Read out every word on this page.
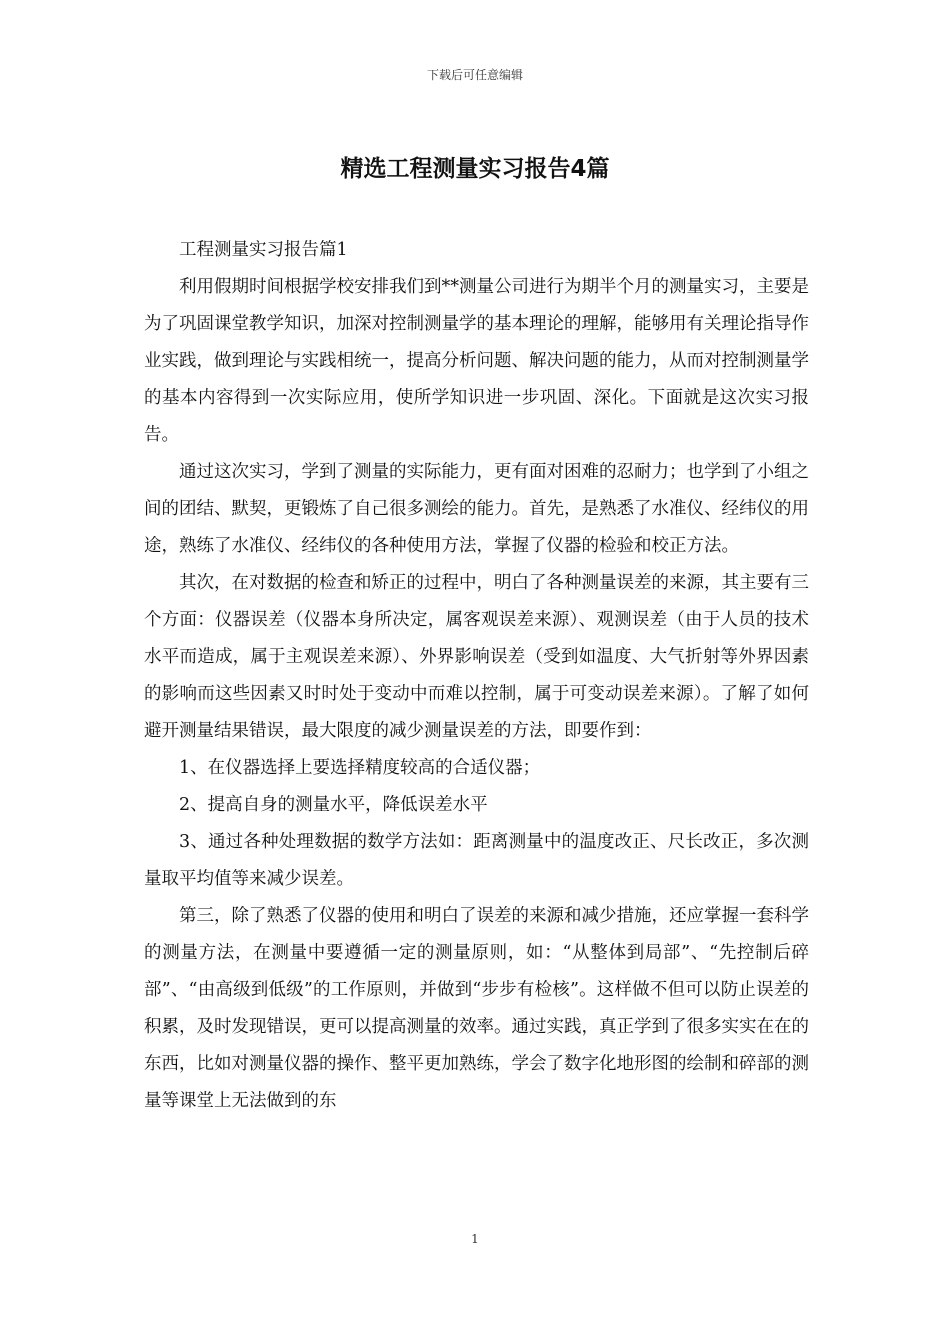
下载后可任意编辑
精选工程测量实习报告4篇

工程测量实习报告篇1

利用假期时间根据学校安排我们到**测量公司进行为期半个月的测量实习，主要是为了巩固课堂教学知识，加深对控制测量学的基本理论的理解，能够用有关理论指导作业实践，做到理论与实践相统一，提高分析问题、解决问题的能力，从而对控制测量学的基本内容得到一次实际应用，使所学知识进一步巩固、深化。下面就是这次实习报告。

通过这次实习，学到了测量的实际能力，更有面对困难的忍耐力；也学到了小组之间的团结、默契，更锻炼了自己很多测绘的能力。首先，是熟悉了水准仪、经纬仪的用途，熟练了水准仪、经纬仪的各种使用方法，掌握了仪器的检验和校正方法。

其次，在对数据的检查和矫正的过程中，明白了各种测量误差的来源，其主要有三个方面：仪器误差（仪器本身所决定，属客观误差来源）、观测误差（由于人员的技术水平而造成，属于主观误差来源）、外界影响误差（受到如温度、大气折射等外界因素的影响而这些因素又时时处于变动中而难以控制，属于可变动误差来源）。了解了如何避开测量结果错误，最大限度的减少测量误差的方法，即要作到：

1、在仪器选择上要选择精度较高的合适仪器；

2、提高自身的测量水平，降低误差水平

3、通过各种处理数据的数学方法如：距离测量中的温度改正、尺长改正，多次测量取平均值等来减少误差。

第三，除了熟悉了仪器的使用和明白了误差的来源和减少措施，还应掌握一套科学的测量方法，在测量中要遵循一定的测量原则，如：“从整体到局部”、“先控制后碎部”、“由高级到低级”的工作原则，并做到“步步有检核”。这样做不但可以防止误差的积累，及时发现错误，更可以提高测量的效率。通过实践，真正学到了很多实实在在的东西，比如对测量仪器的操作、整平更加熟练，学会了数字化地形图的绘制和碎部的测量等课堂上无法做到的东

1
